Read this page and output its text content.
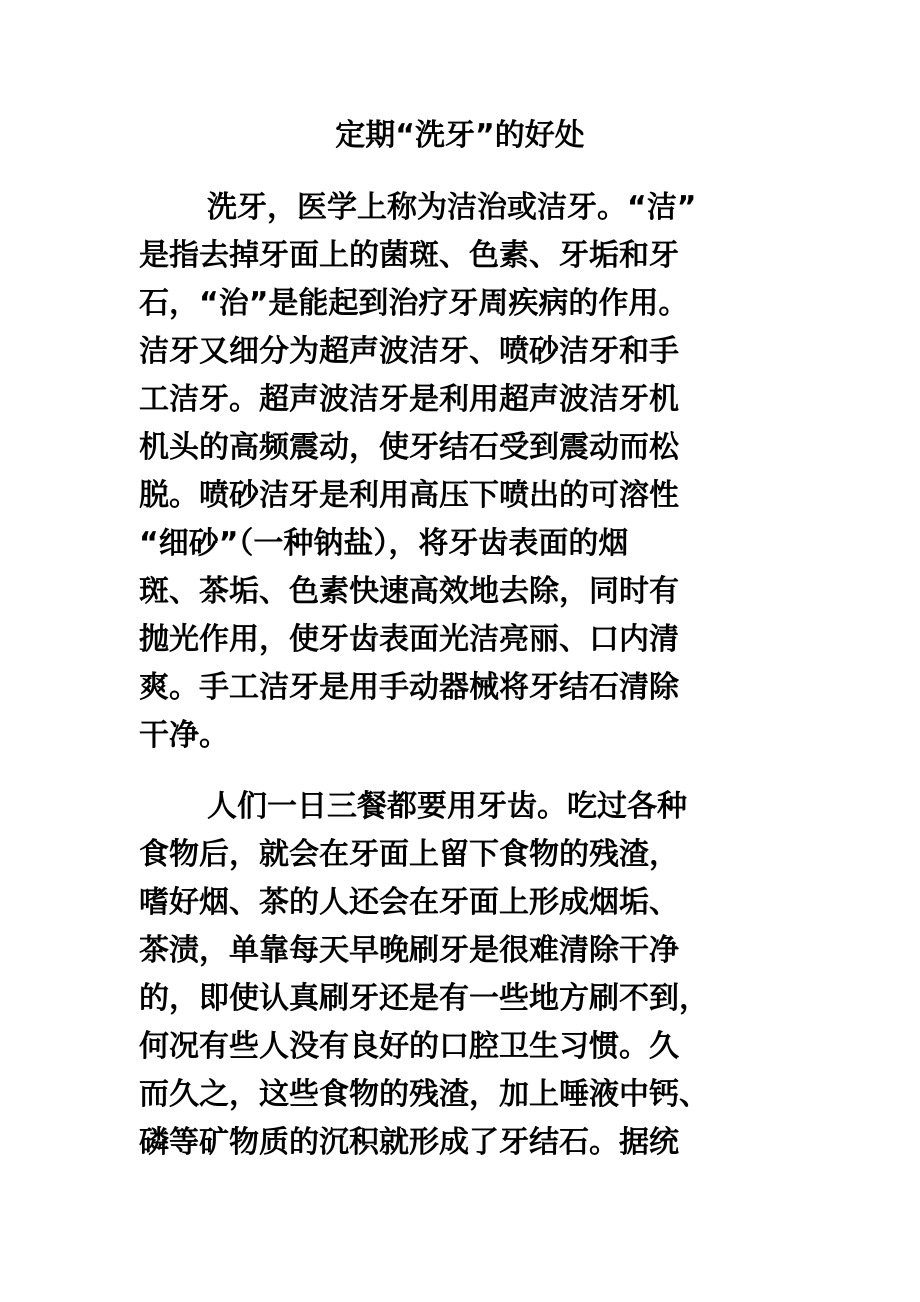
定期“洗牙”的好处
洗牙，医学上称为洁治或洁牙。“洁”
是指去掉牙面上的菌斑、色素、牙垢和牙
石，“治”是能起到治疗牙周疾病的作用。
洁牙又细分为超声波洁牙、喷砂洁牙和手
工洁牙。超声波洁牙是利用超声波洁牙机
机头的高频震动，使牙结石受到震动而松
脱。喷砂洁牙是利用高压下喷出的可溶性
“细砂”（一种钠盐），将牙齿表面的烟
斑、茶垢、色素快速高效地去除，同时有
抛光作用，使牙齿表面光洁亮丽、口内清
爽。手工洁牙是用手动器械将牙结石清除
干净。
人们一日三餐都要用牙齿。吃过各种
食物后，就会在牙面上留下食物的残渣，
嗜好烟、茶的人还会在牙面上形成烟垢、
茶渍，单靠每天早晚刷牙是很难清除干净
的，即使认真刷牙还是有一些地方刷不到，
何况有些人没有良好的口腔卫生习惯。久
而久之，这些食物的残渣，加上唾液中钙、
磷等矿物质的沉积就形成了牙结石。据统
